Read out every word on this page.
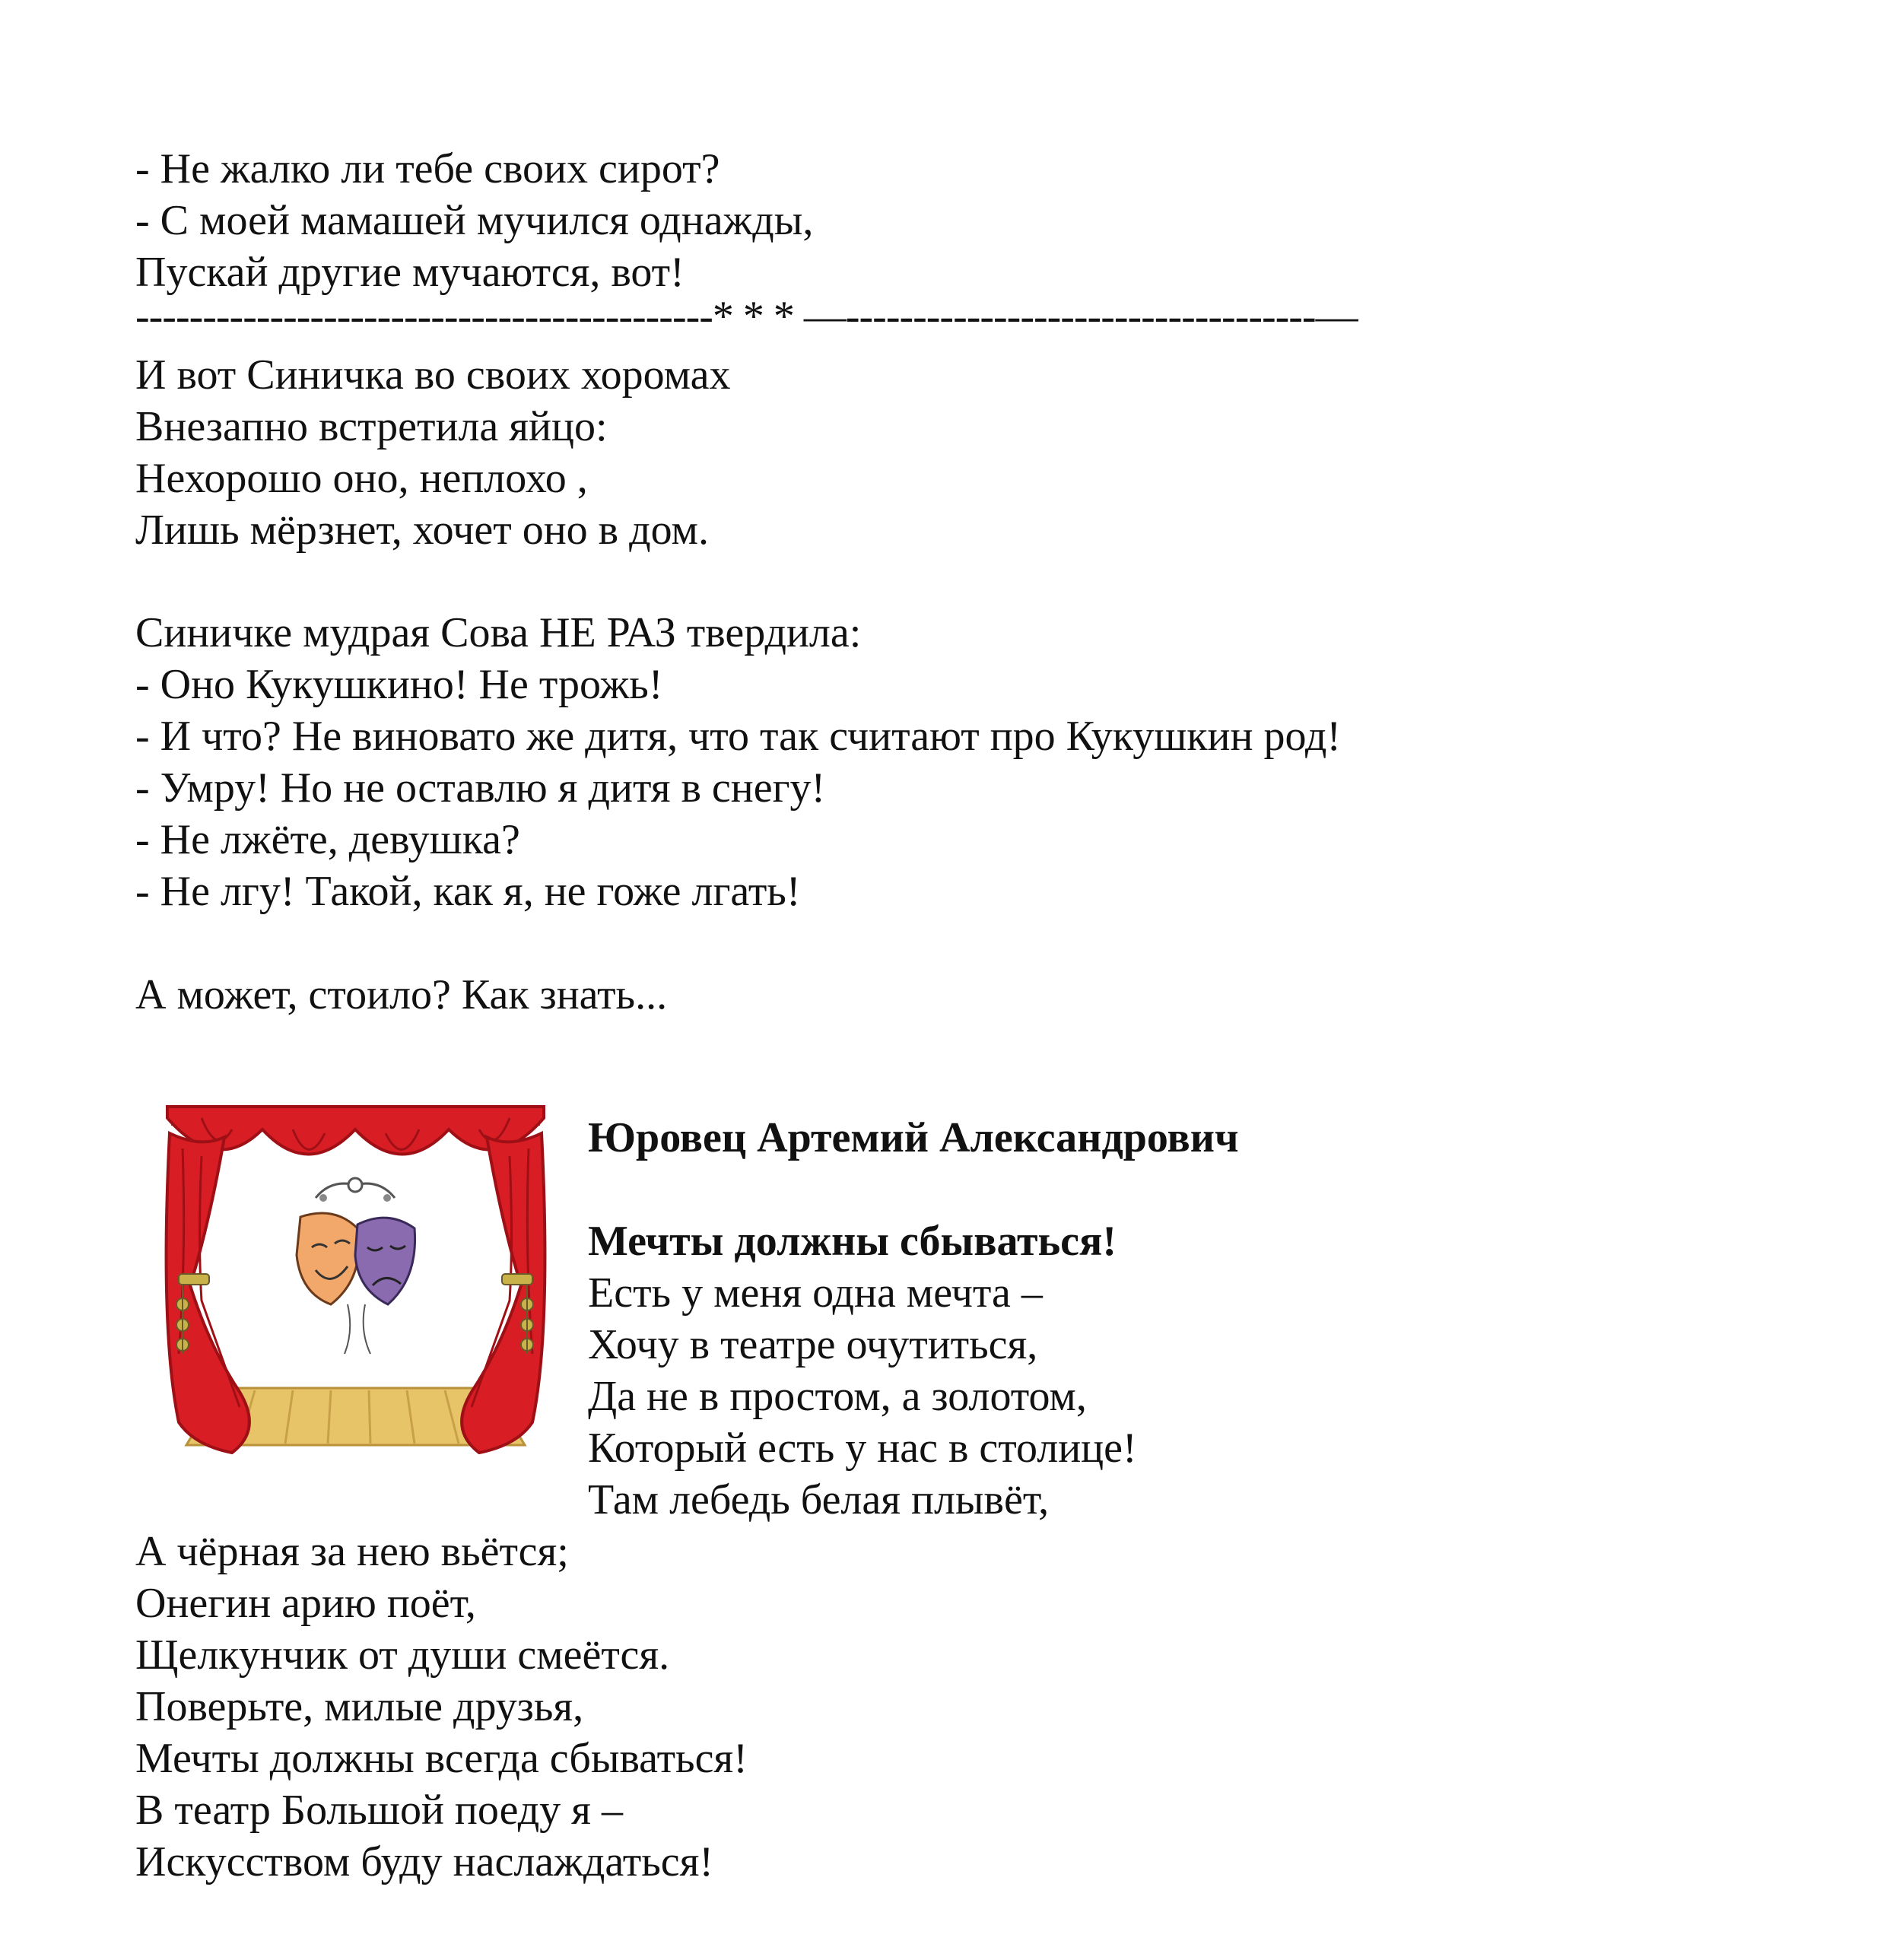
- Не жалко ли тебе своих сирот?
- С моей мамашей мучился однажды,
Пускай другие мучаются, вот!
-------------------------------------------* * * —-----------------------------------—
И вот Синичка во своих хоромах
Внезапно встретила яйцо:
Нехорошо оно, неплохо ,
Лишь мёрзнет, хочет оно в дом.
Синичке мудрая Сова НЕ РАЗ твердила:
- Оно Кукушкино! Не трожь!
- И что? Не виновато же дитя, что так считают про Кукушкин род!
- Умру! Но не оставлю я дитя в снегу!
- Не лжёте, девушка?
- Не лгу! Такой, как я, не гоже лгать!
А может, стоило? Как знать...
Юровец Артемий Александрович
Мечты должны сбываться!
Есть у меня одна мечта –
Хочу в театре очутиться,
Да не в простом, а золотом,
Который есть у нас в столице!
Там лебедь белая плывёт,
А чёрная за нею вьётся;
Онегин арию поёт,
Щелкунчик от души смеётся.
Поверьте, милые друзья,
Мечты должны всегда сбываться!
В театр Большой поеду я –
Искусством буду наслаждаться!
